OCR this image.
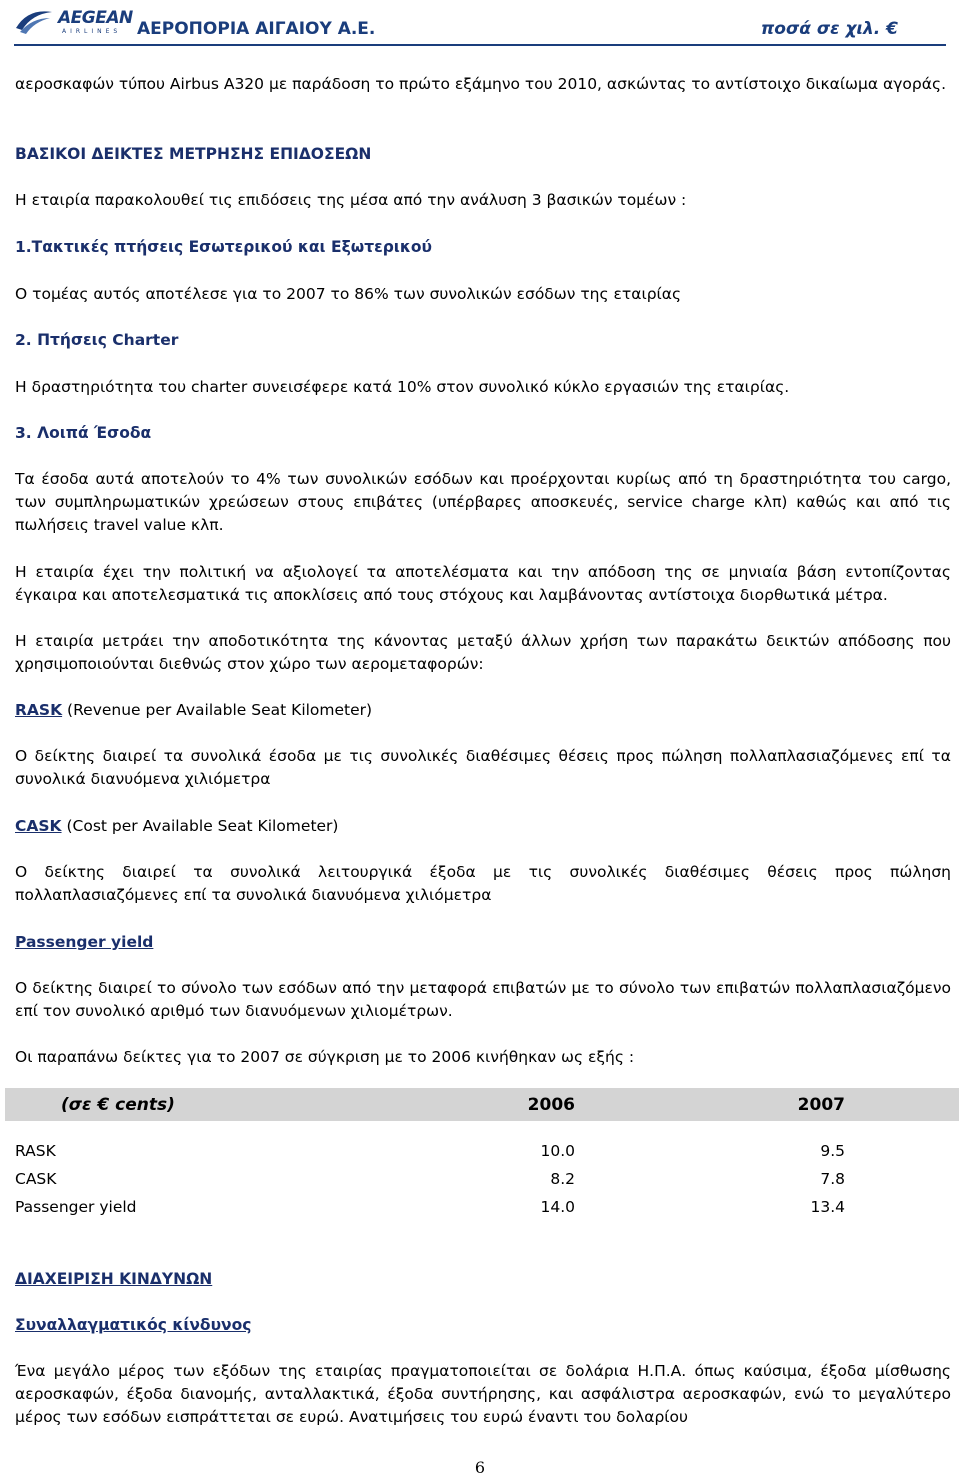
AEGEAN
AIRLINES ΑΕΡΟΠΟΡΙΑ ΑΙΓΑΙΟΥ Α.Ε.	ποσά σε χιλ. €
αεροσκαφών τύπου Airbus A320 με παράδοση το πρώτο εξάμηνο του 2010, ασκώντας το αντίστοιχο δικαίωμα αγοράς.
ΒΑΣΙΚΟΙ ΔΕΙΚΤΕΣ ΜΕΤΡΗΣΗΣ ΕΠΙΔΟΣΕΩΝ
Η εταιρία παρακολουθεί τις επιδόσεις της μέσα από την ανάλυση 3 βασικών τομέων :
1.Τακτικές πτήσεις Εσωτερικού και Εξωτερικού
Ο τομέας αυτός αποτέλεσε για το 2007 το 86% των συνολικών εσόδων της εταιρίας
2. Πτήσεις Charter
Η δραστηριότητα του charter συνεισέφερε κατά 10% στον συνολικό κύκλο εργασιών της εταιρίας.
3. Λοιπά Έσοδα
Τα έσοδα αυτά αποτελούν το 4% των συνολικών εσόδων και προέρχονται κυρίως από τη δραστηριότητα του cargo, των συμπληρωματικών χρεώσεων στους επιβάτες (υπέρβαρες αποσκευές, service charge κλπ) καθώς και από τις πωλήσεις travel value κλπ.
Η εταιρία έχει την πολιτική να αξιολογεί τα αποτελέσματα και την απόδοση της σε μηνιαία βάση εντοπίζοντας έγκαιρα και αποτελεσματικά τις αποκλίσεις από τους στόχους και λαμβάνοντας αντίστοιχα διορθωτικά μέτρα.
Η εταιρία μετράει την αποδοτικότητα της κάνοντας μεταξύ άλλων χρήση των παρακάτω δεικτών απόδοσης που χρησιμοποιούνται διεθνώς στον χώρο των αερομεταφορών:
RASK (Revenue per Available Seat Kilometer)
Ο δείκτης διαιρεί τα συνολικά έσοδα με τις συνολικές διαθέσιμες θέσεις προς πώληση πολλαπλασιαζόμενες επί τα συνολικά διανυόμενα χιλιόμετρα
CASK (Cost per Available Seat Kilometer)
Ο δείκτης διαιρεί τα συνολικά λειτουργικά έξοδα με τις συνολικές διαθέσιμες θέσεις προς πώληση πολλαπλασιαζόμενες επί τα συνολικά διανυόμενα χιλιόμετρα
Passenger yield
Ο δείκτης διαιρεί το σύνολο των εσόδων από την μεταφορά επιβατών με το σύνολο των επιβατών πολλαπλασιαζόμενο επί τον συνολικό αριθμό των διανυόμενων χιλιομέτρων.
Οι παραπάνω δείκτες για το 2007 σε σύγκριση με το 2006 κινήθηκαν ως εξής :
(σε € cents)	2006	2007	

RASK	10.0	9.5	
CASK	8.2	7.8	
Passenger yield	14.0	13.4	
ΔΙΑΧΕΙΡΙΣΗ ΚΙΝΔΥΝΩΝ
Συναλλαγματικός κίνδυνος
Ένα μεγάλο μέρος των εξόδων της εταιρίας πραγματοποιείται σε δολάρια Η.Π.Α. όπως καύσιμα, έξοδα μίσθωσης αεροσκαφών, έξοδα διανομής, ανταλλακτικά, έξοδα συντήρησης, και ασφάλιστρα αεροσκαφών, ενώ το μεγαλύτερο μέρος των εσόδων εισπράττεται σε ευρώ. Ανατιμήσεις του ευρώ έναντι του δολαρίου
6
